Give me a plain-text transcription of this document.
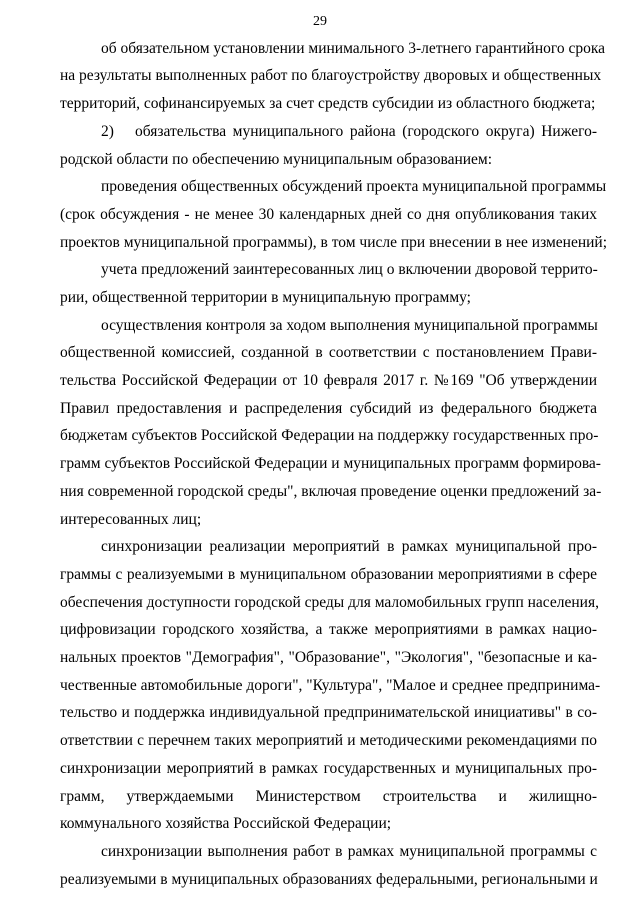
29
об обязательном установлении минимального 3-летнего гарантийного срока
на результаты выполненных работ по благоустройству дворовых и общественных
территорий, софинансируемых за счет средств субсидии из областного бюджета;
2) обязательства муниципального района (городского округа) Нижего-
родской области по обеспечению муниципальным образованием:
проведения общественных обсуждений проекта муниципальной программы
(срок обсуждения - не менее 30 календарных дней со дня опубликования таких
проектов муниципальной программы), в том числе при внесении в нее изменений;
учета предложений заинтересованных лиц о включении дворовой террито-
рии, общественной территории в муниципальную программу;
осуществления контроля за ходом выполнения муниципальной программы
общественной комиссией, созданной в соответствии с постановлением Прави-
тельства Российской Федерации от 10 февраля 2017 г. №169 "Об утверждении
Правил предоставления и распределения субсидий из федерального бюджета
бюджетам субъектов Российской Федерации на поддержку государственных про-
грамм субъектов Российской Федерации и муниципальных программ формирова-
ния современной городской среды", включая проведение оценки предложений за-
интересованных лиц;
синхронизации реализации мероприятий в рамках муниципальной про-
граммы с реализуемыми в муниципальном образовании мероприятиями в сфере
обеспечения доступности городской среды для маломобильных групп населения,
цифровизации городского хозяйства, а также мероприятиями в рамках нацио-
нальных проектов "Демография", "Образование", "Экология", "безопасные и ка-
чественные автомобильные дороги", "Культура", "Малое и среднее предпринима-
тельство и поддержка индивидуальной предпринимательской инициативы" в со-
ответствии с перечнем таких мероприятий и методическими рекомендациями по
синхронизации мероприятий в рамках государственных и муниципальных про-
грамм, утверждаемыми Министерством строительства и жилищно-
коммунального хозяйства Российской Федерации;
синхронизации выполнения работ в рамках муниципальной программы с
реализуемыми в муниципальных образованиях федеральными, региональными и
